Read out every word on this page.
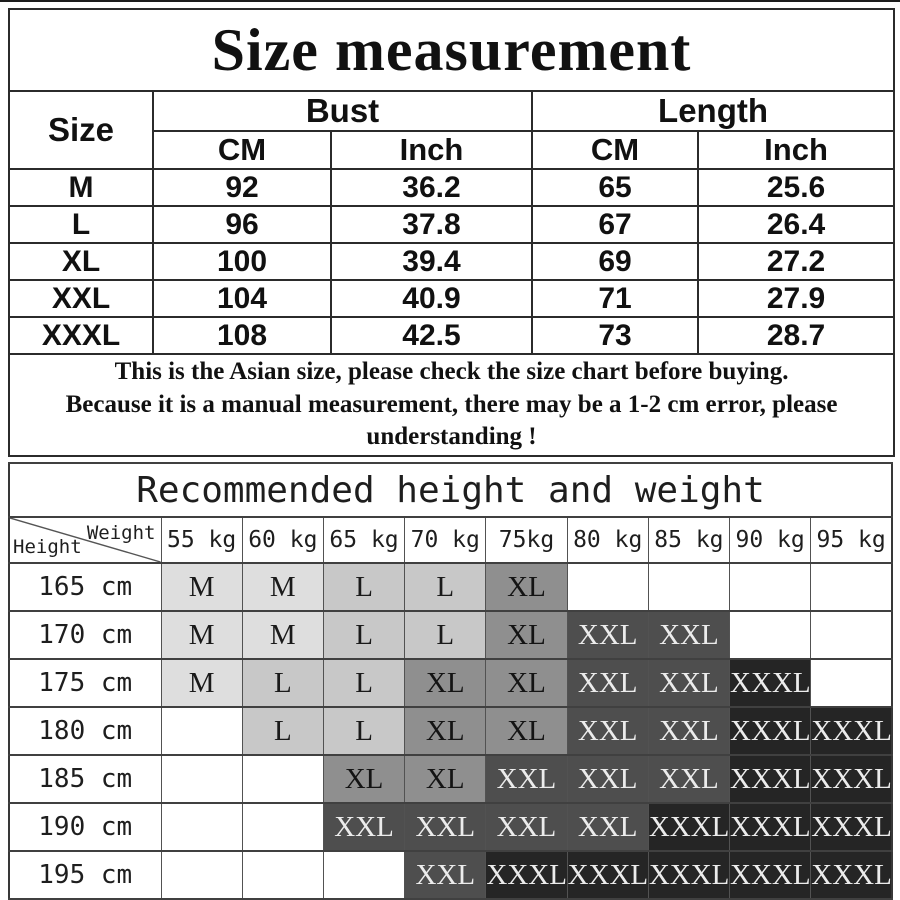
Size measurement				
Size	Bust		Length	
	CM	Inch	CM	Inch
M	92	36.2	65	25.6
L	96	37.8	67	26.4
XL	100	39.4	69	27.2
XXL	104	40.9	71	27.9
XXXL	108	42.5	73	28.7

This is the Asian size, please check the size chart before buying.
Because it is a manual measurement, there may be a 1-2 cm error, please
understanding !				
Recommended height and weight									

Weight
Height	55 kg	60 kg	65 kg	70 kg	75kg	80 kg	85 kg	90 kg	95 kg
165 cm	M	M	L	L	XL				
170 cm	M	M	L	L	XL	XXL	XXL		
175 cm	M	L	L	XL	XL	XXL	XXL	XXXL	
180 cm		L	L	XL	XL	XXL	XXL	XXXL	XXXL
185 cm			XL	XL	XXL	XXL	XXL	XXXL	XXXL
190 cm			XXL	XXL	XXL	XXL	XXXL	XXXL	XXXL
195 cm				XXL	XXXL	XXXL	XXXL	XXXL	XXXL
